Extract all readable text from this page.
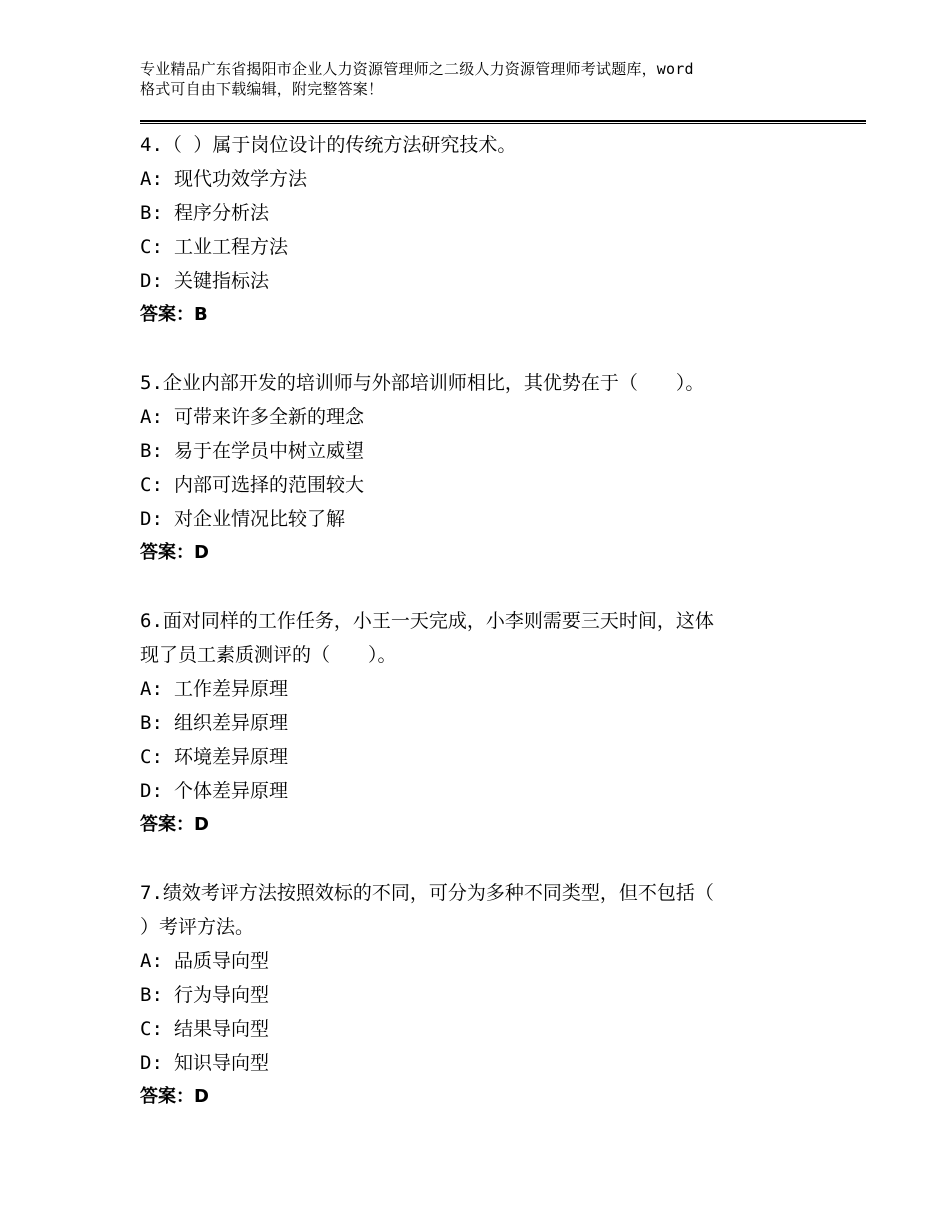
专业精品广东省揭阳市企业人力资源管理师之二级人力资源管理师考试题库，word
格式可自由下载编辑，附完整答案！
4.（ ）属于岗位设计的传统方法研究技术。
A: 现代功效学方法
B: 程序分析法
C: 工业工程方法
D: 关键指标法
答案：B
5.企业内部开发的培训师与外部培训师相比，其优势在于（　　）。
A: 可带来许多全新的理念
B: 易于在学员中树立威望
C: 内部可选择的范围较大
D: 对企业情况比较了解
答案：D
6.面对同样的工作任务，小王一天完成，小李则需要三天时间，这体
现了员工素质测评的（　　）。
A: 工作差异原理
B: 组织差异原理
C: 环境差异原理
D: 个体差异原理
答案：D
7.绩效考评方法按照效标的不同，可分为多种不同类型，但不包括（
）考评方法。
A: 品质导向型
B: 行为导向型
C: 结果导向型
D: 知识导向型
答案：D
